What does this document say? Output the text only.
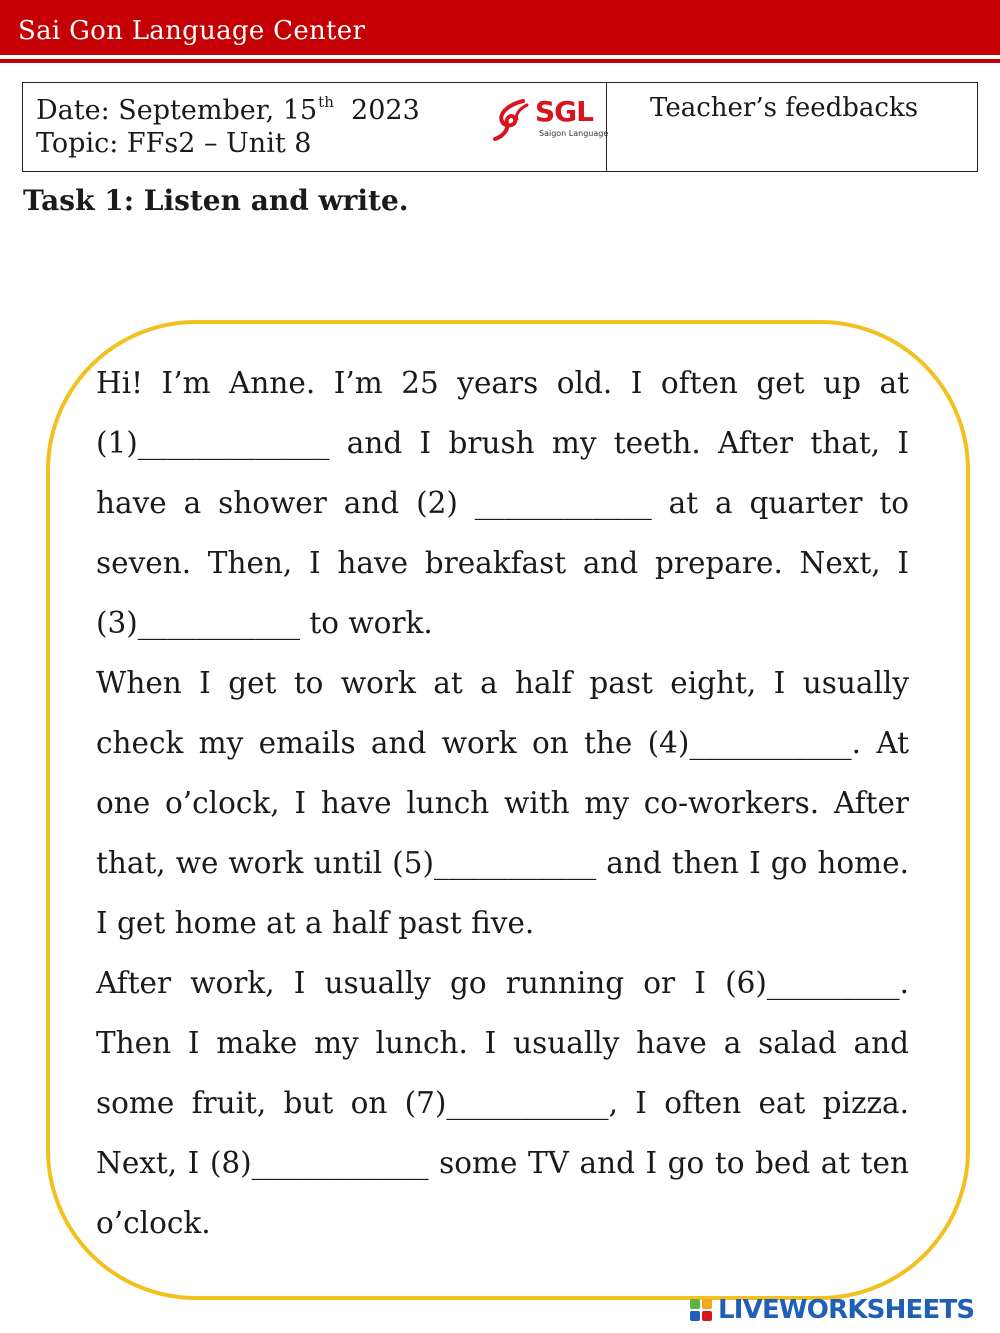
Sai Gon Language Center
Date: September, 15th 2023
Topic: FFs2 – Unit 8
SGL
Saigon Language
Teacher’s feedbacks
Task 1: Listen and write.

Hi! I’m Anne. I’m 25 years old. I often get up at (1)_____________ and I brush my teeth. After that, I have a shower and (2) ____________ at a quarter to seven. Then, I have breakfast and prepare. Next, I (3)___________ to work.

When I get to work at a half past eight, I usually check my emails and work on the (4)___________. At one o’clock, I have lunch with my co-workers. After that, we work until (5)___________ and then I go home. I get home at a half past five.

After work, I usually go running or I (6)_________. Then I make my lunch. I usually have a salad and some fruit, but on (7)___________, I often eat pizza. Next, I (8)____________ some TV and I go to bed at ten o’clock.

LIVEWORKSHEETS
